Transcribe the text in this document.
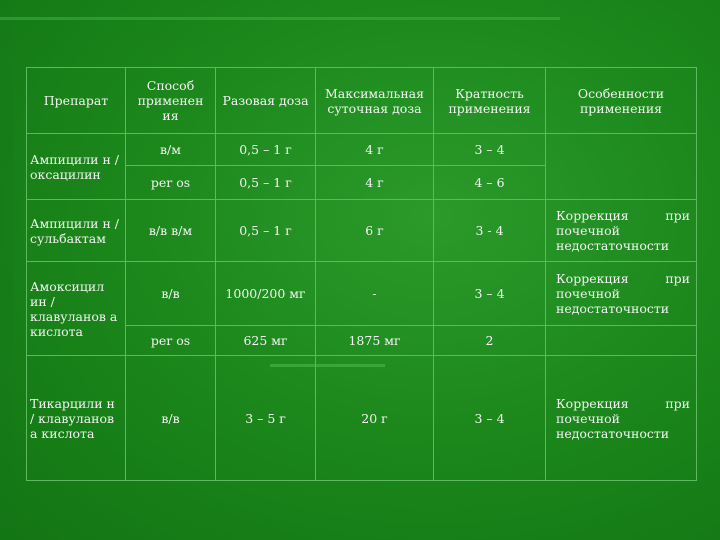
Препарат	Способ применен ия	Разовая доза	Максимальная суточная доза	Кратность применения	Особенности применения
Ампицили н / оксацилин	в/м	0,5 – 1 г	4 г	3 – 4	
	per os	0,5 – 1 г	4 г	4 – 6	
Ампицили н / сульбактам	в/в в/м	0,5 – 1 г	6 г	3 - 4	Коррекция при почечной недостаточности
Амоксицил ин / клавуланов а кислота	в/в	1000/200 мг	-	3 – 4	Коррекция при почечной недостаточности
	per os	625 мг	1875 мг	2	
Тикарцили н / клавуланов а кислота	в/в	3 – 5 г	20 г	3 – 4	Коррекция при почечной недостаточности
